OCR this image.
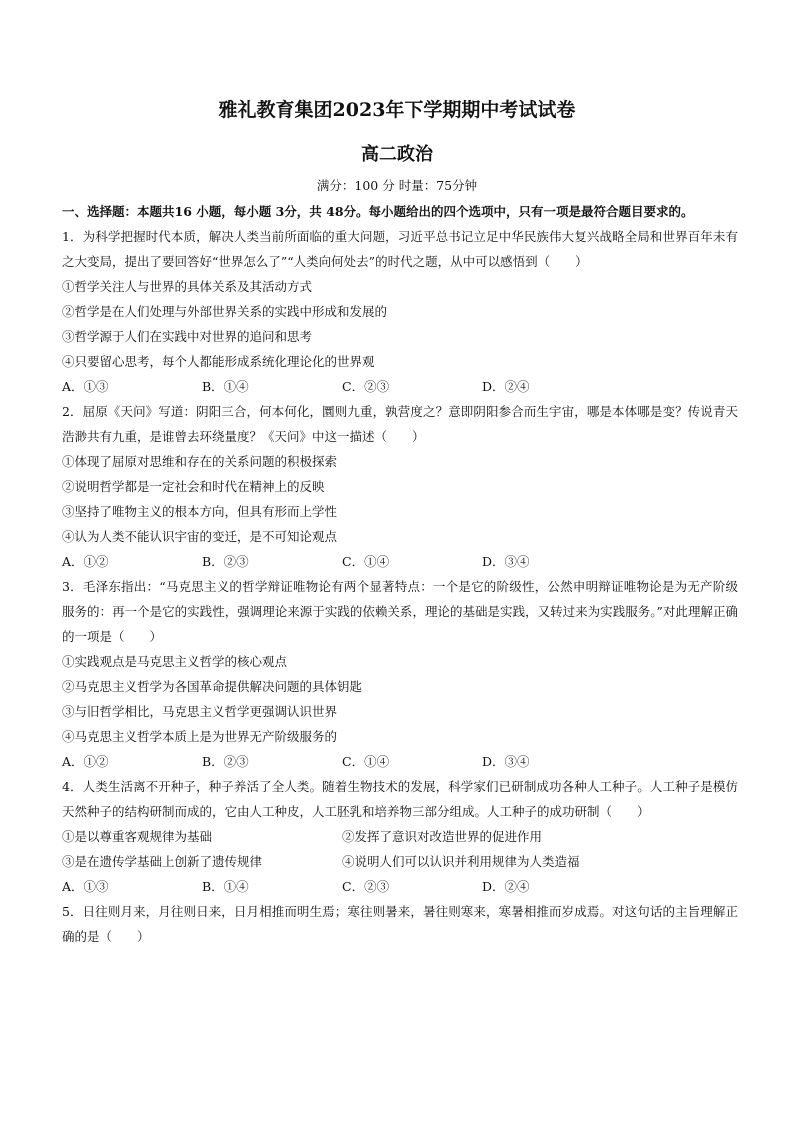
雅礼教育集团2023年下学期期中考试试卷
高二政治
满分：100 分 时量：75分钟
一、选择题：本题共16 小题，每小题 3分，共 48分。每小题给出的四个选项中，只有一项是最符合题目要求的。
1．为科学把握时代本质，解决人类当前所面临的重大问题，习近平总书记立足中华民族伟大复兴战略全局和世界百年未有之大变局，提出了要回答好“世界怎么了”“人类向何处去”的时代之题，从中可以感悟到（　　）
①哲学关注人与世界的具体关系及其活动方式
②哲学是在人们处理与外部世界关系的实践中形成和发展的
③哲学源于人们在实践中对世界的追问和思考
④只要留心思考，每个人都能形成系统化理论化的世界观
A．①③	B．①④	C．②③	D．②④
2．屈原《天问》写道：阴阳三合，何本何化，圜则九重，孰营度之？意即阴阳参合而生宇宙，哪是本体哪是变？传说青天浩渺共有九重，是谁曾去环绕量度？《天问》中这一描述（　　）
①体现了屈原对思维和存在的关系问题的积极探索
②说明哲学都是一定社会和时代在精神上的反映
③坚持了唯物主义的根本方向，但具有形而上学性
④认为人类不能认识宇宙的变迁，是不可知论观点
A．①②	B．②③	C．①④	D．③④
3．毛泽东指出：“马克思主义的哲学辩证唯物论有两个显著特点：一个是它的阶级性，公然申明辩证唯物论是为无产阶级服务的：再一个是它的实践性，强调理论来源于实践的依赖关系，理论的基础是实践，又转过来为实践服务。”对此理解正确的一项是（　　）
①实践观点是马克思主义哲学的核心观点
②马克思主义哲学为各国革命提供解决问题的具体钥匙
③与旧哲学相比，马克思主义哲学更强调认识世界
④马克思主义哲学本质上是为世界无产阶级服务的
A．①②	B．②③	C．①④	D．③④
4．人类生活离不开种子，种子养活了全人类。随着生物技术的发展，科学家们已研制成功各种人工种子。人工种子是模仿天然种子的结构研制而成的，它由人工种皮，人工胚乳和培养物三部分组成。人工种子的成功研制（　　）
①是以尊重客观规律为基础	②发挥了意识对改造世界的促进作用
③是在遗传学基础上创新了遗传规律	④说明人们可以认识并利用规律为人类造福
A．①③	B．①④	C．②③	D．②④
5．日往则月来，月往则日来，日月相推而明生焉；寒往则暑来，暑往则寒来，寒暑相推而岁成焉。对这句话的主旨理解正确的是（　　）
